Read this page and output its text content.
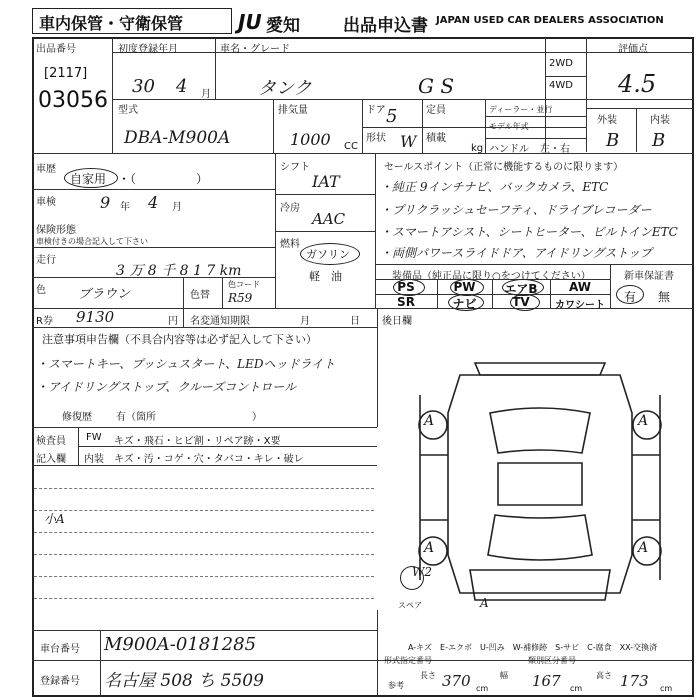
車内保管・守衛保管	JU 愛知	出品申込書 JAPAN USED CAR DEALERS ASSOCIATION
出品番号
[2117]
03056
初度登録年月
30 4 月
車名・グレード
タンク	G S
2WD
4WD
評価点
4.5
外装	内装
B B
型式
DBA-M900A
排気量
1000 CC
ドア 5	定員
形状 W 積載
kg
ディーラー・並行
モデル年式
ハンドル 左・右
車歴
自家用 ・（　　　　　）
車検	9 年 4 月
保険形態
車検付きの場合記入して下さい
走行
3 万 8 千 8 1 7 km
色 ブラウン	色替
色コード
R59
シフト
IAT
冷房
AAC
燃料
ガソリン
軽　油
セールスポイント（正常に機能するものに限ります）
・純正 9インチナビ、バックカメラ、ETC
・プリクラッシュセーフティ、ドライブレコーダー
・スマートアシスト、シートヒーター、ビルトインETC
・両側パワースライドドア、アイドリングストップ
装備品（純正品に限り○をつけてください）
PS	PW	エアB	AW
SR	ナビ	TV	カワシート
新車保証書
有 無
R券 9130	円 名変通知期限	月	日 後日欄
注意事項申告欄（不具合内容等は必ず記入して下さい）
・スマートキー、プッシュスタート、LEDヘッドライト
・アイドリングストップ、クルーズコントロール
修復歴 有（箇所	）
検査員
記入欄
FW キズ・飛石・ヒビ割・リペア跡・X要
内装 キズ・汚・コゲ・穴・タバコ・キレ・破レ
小A
A	A
A	A
W2
A
スペア
A-キズ　E-エクボ　U-凹み　W-補修跡　S-サビ　C-腐食　XX-交換済
車台番号 M900A-0181285
登録番号 名古屋 508 ち 5509
形式指定番号	類別区分番号
参考
長さ 370 cm
幅 167 cm
高さ 173 cm
